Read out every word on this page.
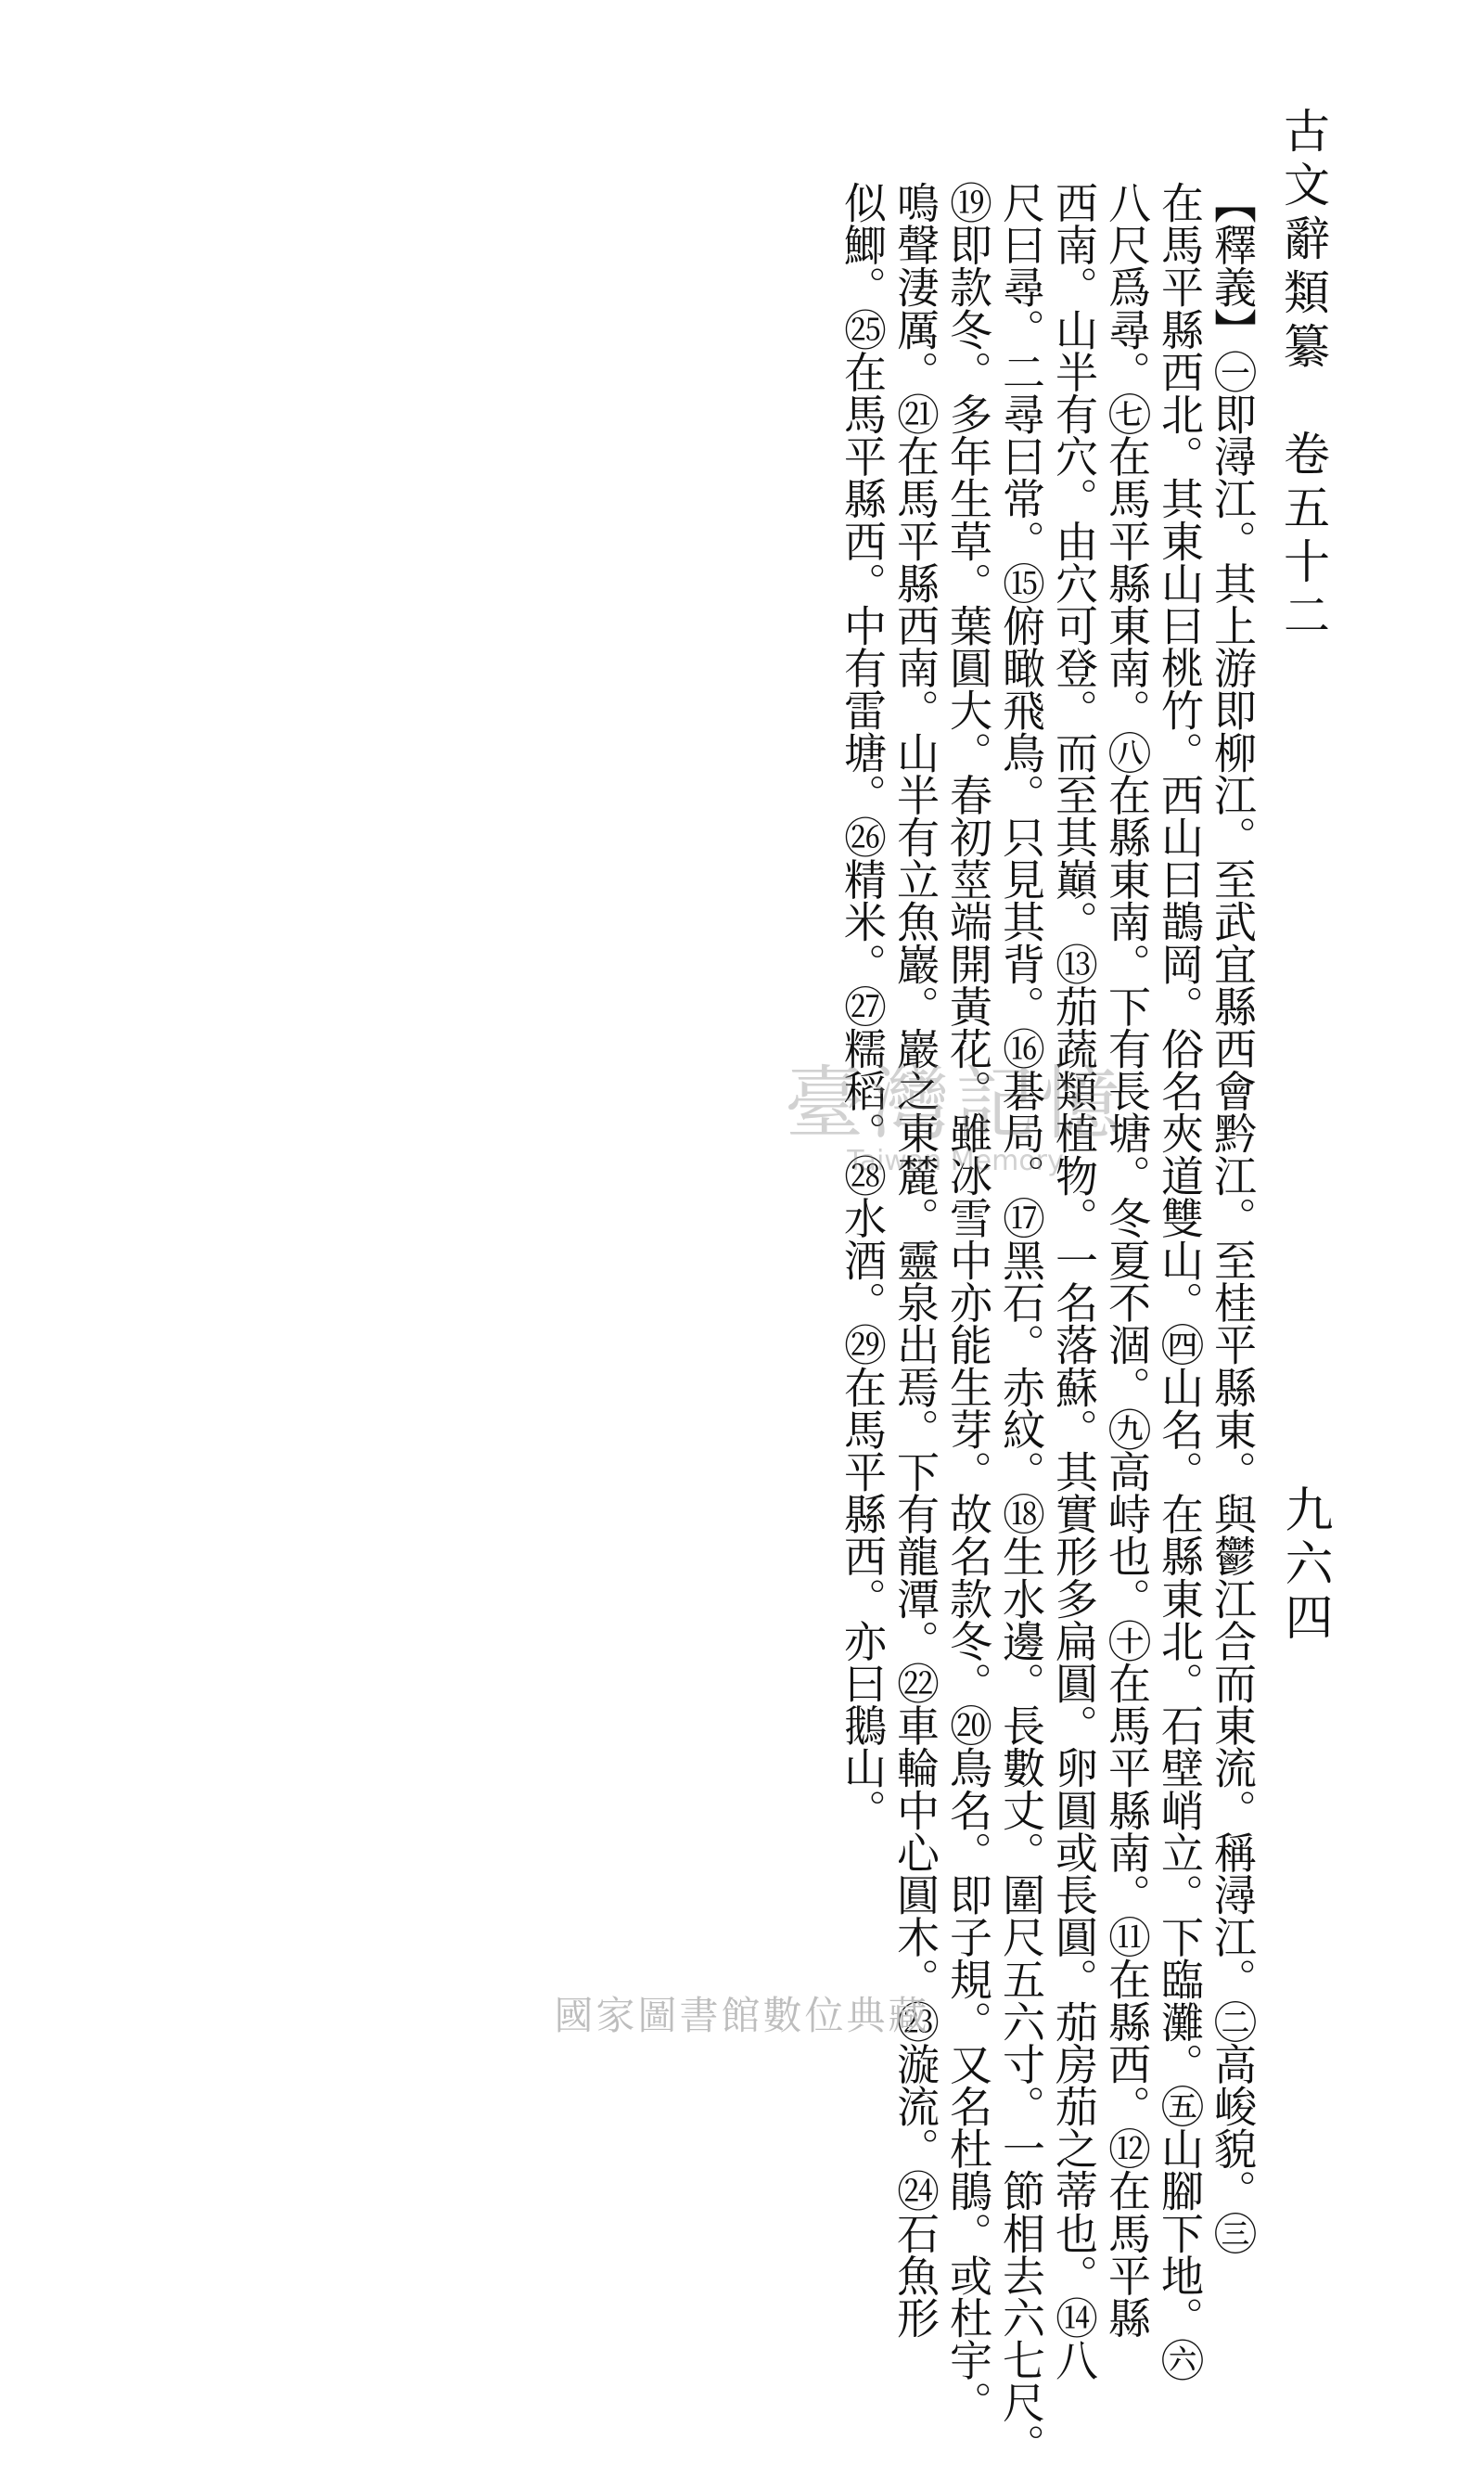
古文辭類纂　卷五十二
九六四
【釋義】㊀即潯江。其上游即柳江。至武宜縣西會黔江。至桂平縣東。與鬱江合而東流。稱潯江。㊁高峻貌。㊂
在馬平縣西北。其東山曰桃竹。西山曰鵲岡。俗名夾道雙山。㊃山名。在縣東北。石壁峭立。下臨灘。㊄山腳下地。㊅
八尺爲尋。㊆在馬平縣東南。㊇在縣東南。下有長塘。冬夏不涸。㊈高峙也。㊉在馬平縣南。⑪在縣西。⑫在馬平縣
西南。山半有穴。由穴可登。而至其巔。⑬茄蔬類植物。一名落蘇。其實形多扁圓。卵圓或長圓。茄房茄之蒂也。⑭八
尺曰尋。二尋曰常。⑮俯瞰飛鳥。只見其背。⑯碁局。⑰黑石。赤紋。⑱生水邊。長數丈。圍尺五六寸。一節相去六七尺。
⑲即款冬。多年生草。葉圓大。春初莖端開黃花。雖冰雪中亦能生芽。故名款冬。⑳鳥名。即子規。又名杜鵑。或杜宇。
鳴聲淒厲。㉑在馬平縣西南。山半有立魚巖。巖之東麓。靈泉出焉。下有龍潭。㉒車輪中心圓木。㉓漩流。㉔石魚形
似鯽。㉕在馬平縣西。中有雷塘。㉖精米。㉗糯稻。㉘水酒。㉙在馬平縣西。亦曰鵝山。
臺灣記憶
Taiwan Memory
國家圖書館數位典藏
